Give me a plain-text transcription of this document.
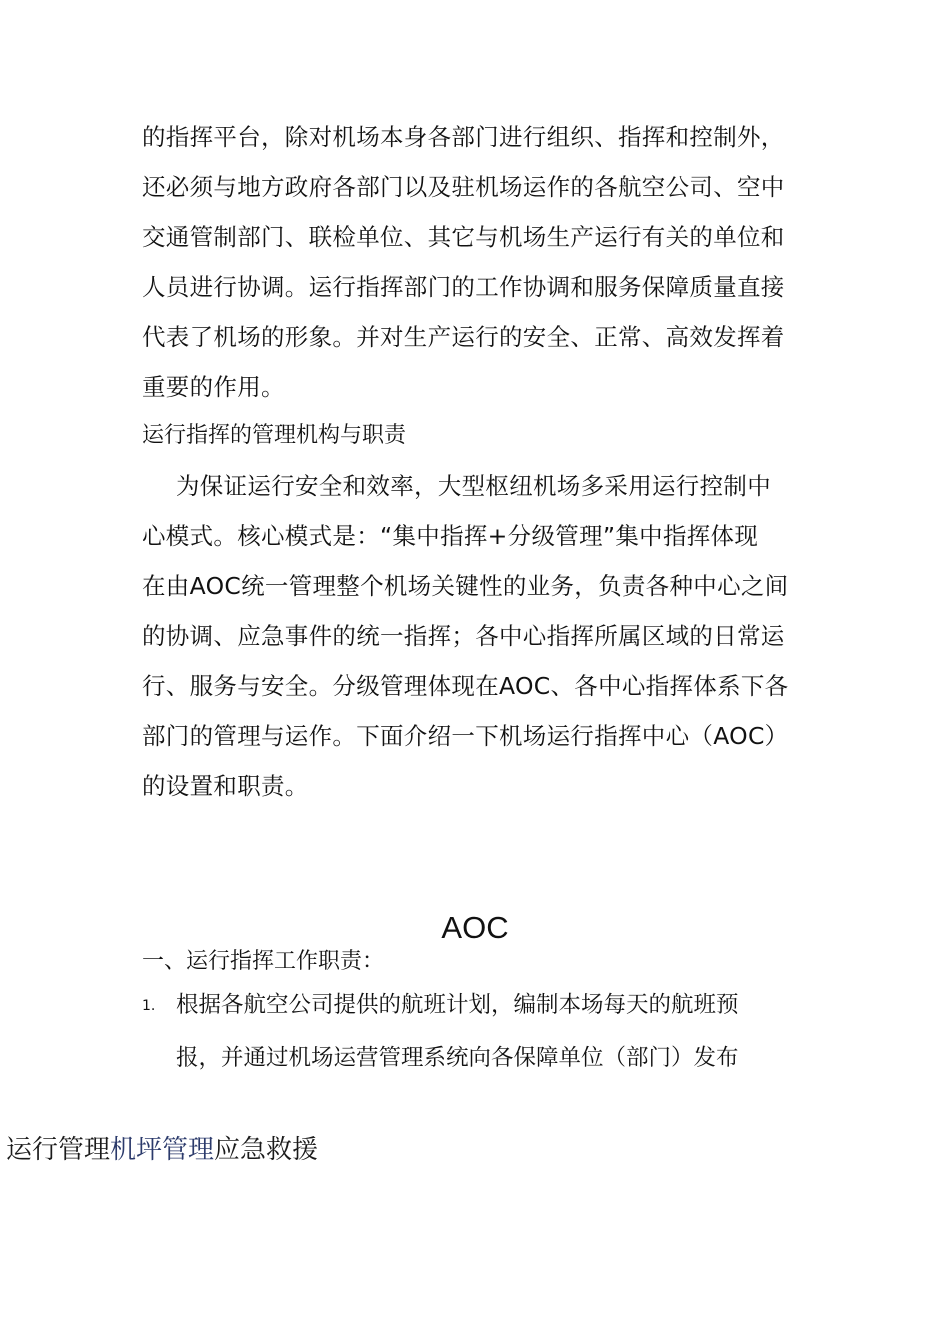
的指挥平台，除对机场本身各部门进行组织、指挥和控制外，
还必须与地方政府各部门以及驻机场运作的各航空公司、空中
交通管制部门、联检单位、其它与机场生产运行有关的单位和
人员进行协调。运行指挥部门的工作协调和服务保障质量直接
代表了机场的形象。并对生产运行的安全、正常、高效发挥着
重要的作用。
运行指挥的管理机构与职责
为保证运行安全和效率，大型枢纽机场多采用运行控制中
心模式。核心模式是：“集中指挥+分级管理”集中指挥体现
在由AOC统一管理整个机场关键性的业务，负责各种中心之间
的协调、应急事件的统一指挥；各中心指挥所属区域的日常运
行、服务与安全。分级管理体现在AOC、各中心指挥体系下各
部门的管理与运作。下面介绍一下机场运行指挥中心（AOC）
的设置和职责。
AOC
一、运行指挥工作职责：
1. 根据各航空公司提供的航班计划，编制本场每天的航班预
报，并通过机场运营管理系统向各保障单位（部门）发布
运行管理机坪管理应急救援
